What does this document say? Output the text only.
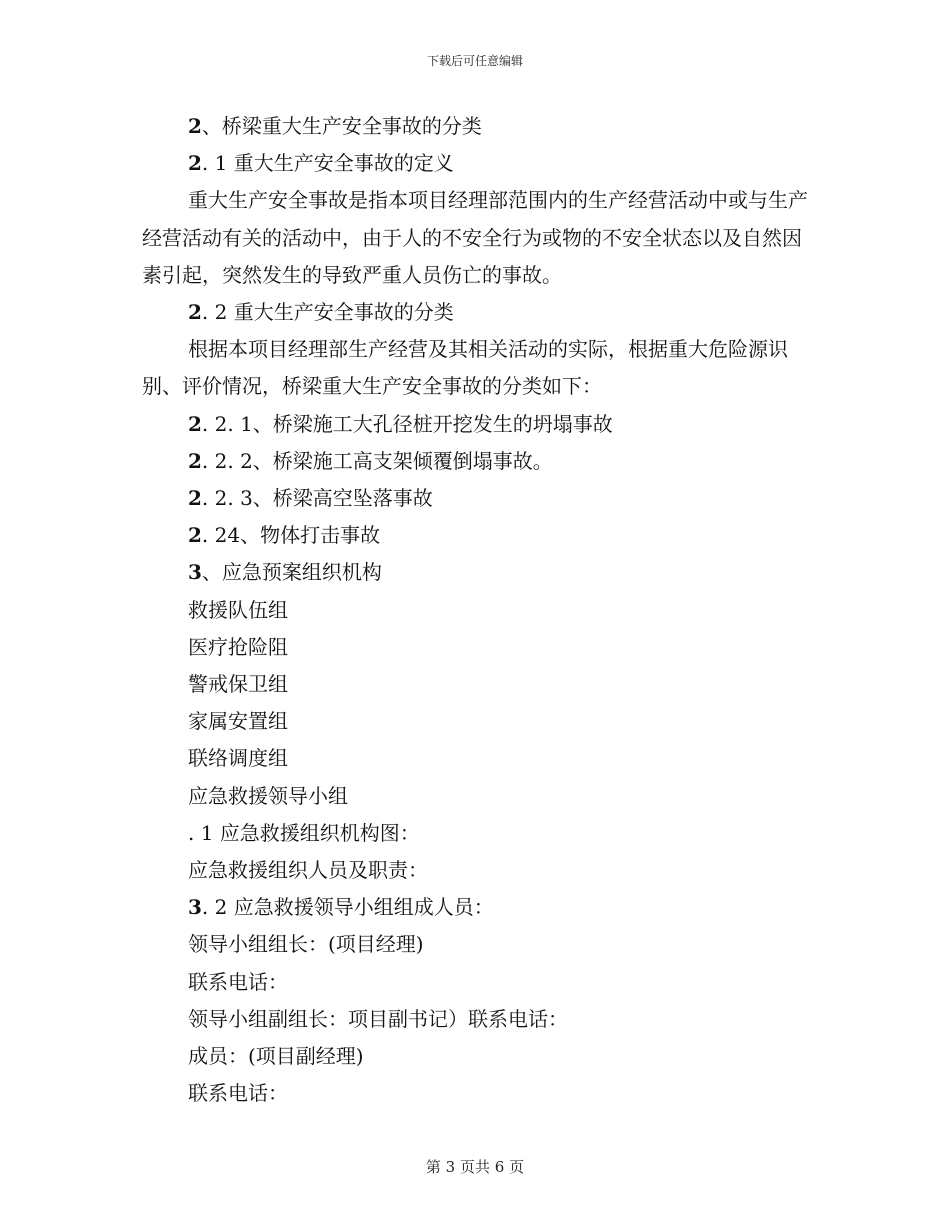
下载后可任意编辑

2、桥梁重大生产安全事故的分类

2. 1 重大生产安全事故的定义

重大生产安全事故是指本项目经理部范围内的生产经营活动中或与生产经营活动有关的活动中，由于人的不安全行为或物的不安全状态以及自然因素引起，突然发生的导致严重人员伤亡的事故。

2. 2 重大生产安全事故的分类

根据本项目经理部生产经营及其相关活动的实际，根据重大危险源识别、评价情况，桥梁重大生产安全事故的分类如下：

2. 2. 1、桥梁施工大孔径桩开挖发生的坍塌事故

2. 2. 2、桥梁施工高支架倾覆倒塌事故。

2. 2. 3、桥梁高空坠落事故

2. 24、物体打击事故

3、应急预案组织机构

救援队伍组

医疗抢险阻

警戒保卫组

家属安置组

联络调度组

应急救援领导小组

. 1 应急救援组织机构图：

应急救援组织人员及职责：

3. 2 应急救援领导小组组成人员：

领导小组组长：(项目经理)

联系电话：

领导小组副组长：项目副书记）联系电话：

成员：(项目副经理)

联系电话：

第 3 页共 6 页
